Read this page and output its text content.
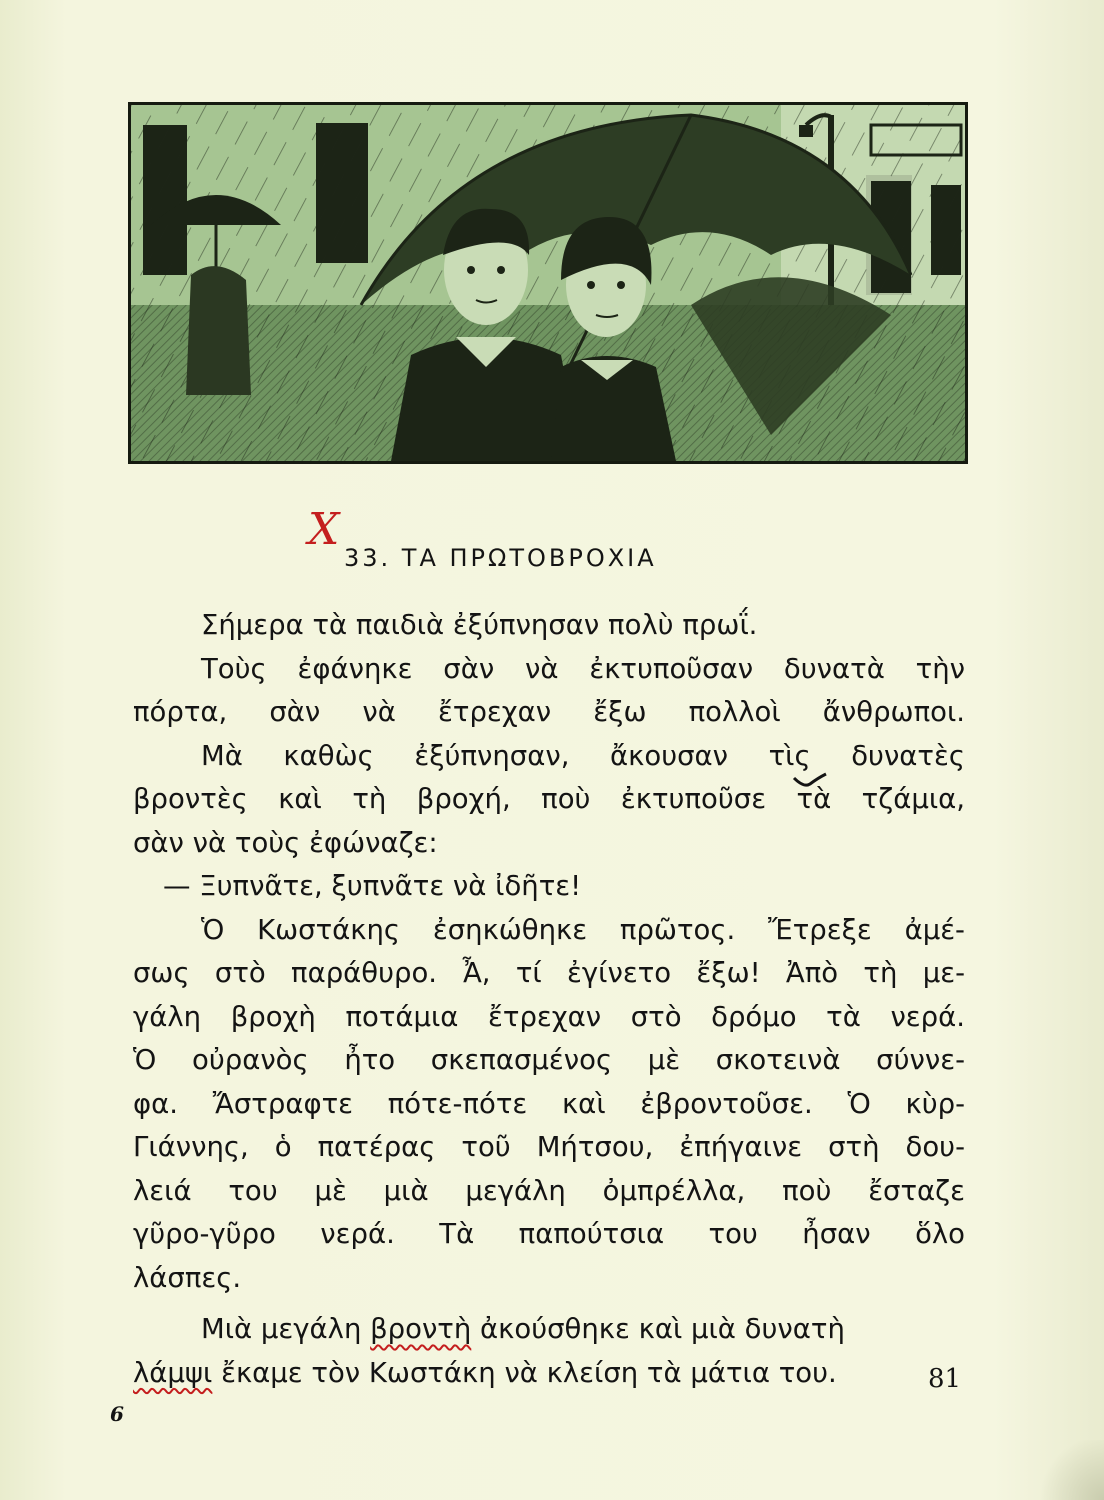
X
33. ΤΑ ΠΡΩΤΟΒΡΟΧΙΑ
Σήμερα τὰ παιδιὰ ἐξύπνησαν πολὺ πρωΐ.
Τοὺς ἐφάνηκε σὰν νὰ ἐκτυποῦσαν δυνατὰ τὴν
πόρτα, σὰν νὰ ἔτρεχαν ἔξω πολλοὶ ἄνθρωποι.
Μὰ καθὼς ἐξύπνησαν, ἄκουσαν τὶς δυνατὲς
βροντὲς καὶ τὴ βροχή, ποὺ ἐκτυποῦσε τὰ τζάμια,
σὰν νὰ τοὺς ἐφώναζε:
— Ξυπνᾶτε, ξυπνᾶτε νὰ ἰδῆτε!
Ὁ Κωστάκης ἐσηκώθηκε πρῶτος. Ἔτρεξε ἀμέ-
σως στὸ παράθυρο. Ἆ, τί ἐγίνετο ἔξω! Ἀπὸ τὴ με-
γάλη βροχὴ ποτάμια ἔτρεχαν στὸ δρόμο τὰ νερά.
Ὁ οὐρανὸς ἦτο σκεπασμένος μὲ σκοτεινὰ σύννε-
φα. Ἄστραφτε πότε-πότε καὶ ἐβροντοῦσε. Ὁ κὺρ-
Γιάννης, ὁ πατέρας τοῦ Μήτσου, ἐπήγαινε στὴ δου-
λειά του μὲ μιὰ μεγάλη ὀμπρέλλα, ποὺ ἔσταζε
γῦρο-γῦρο νερά. Τὰ παπούτσια του ἦσαν ὅλο
λάσπες.
Μιὰ μεγάλη βροντὴ ἀκούσθηκε καὶ μιὰ δυνατὴ
λάμψι ἔκαμε τὸν Κωστάκη νὰ κλείση τὰ μάτια του.	81
6
